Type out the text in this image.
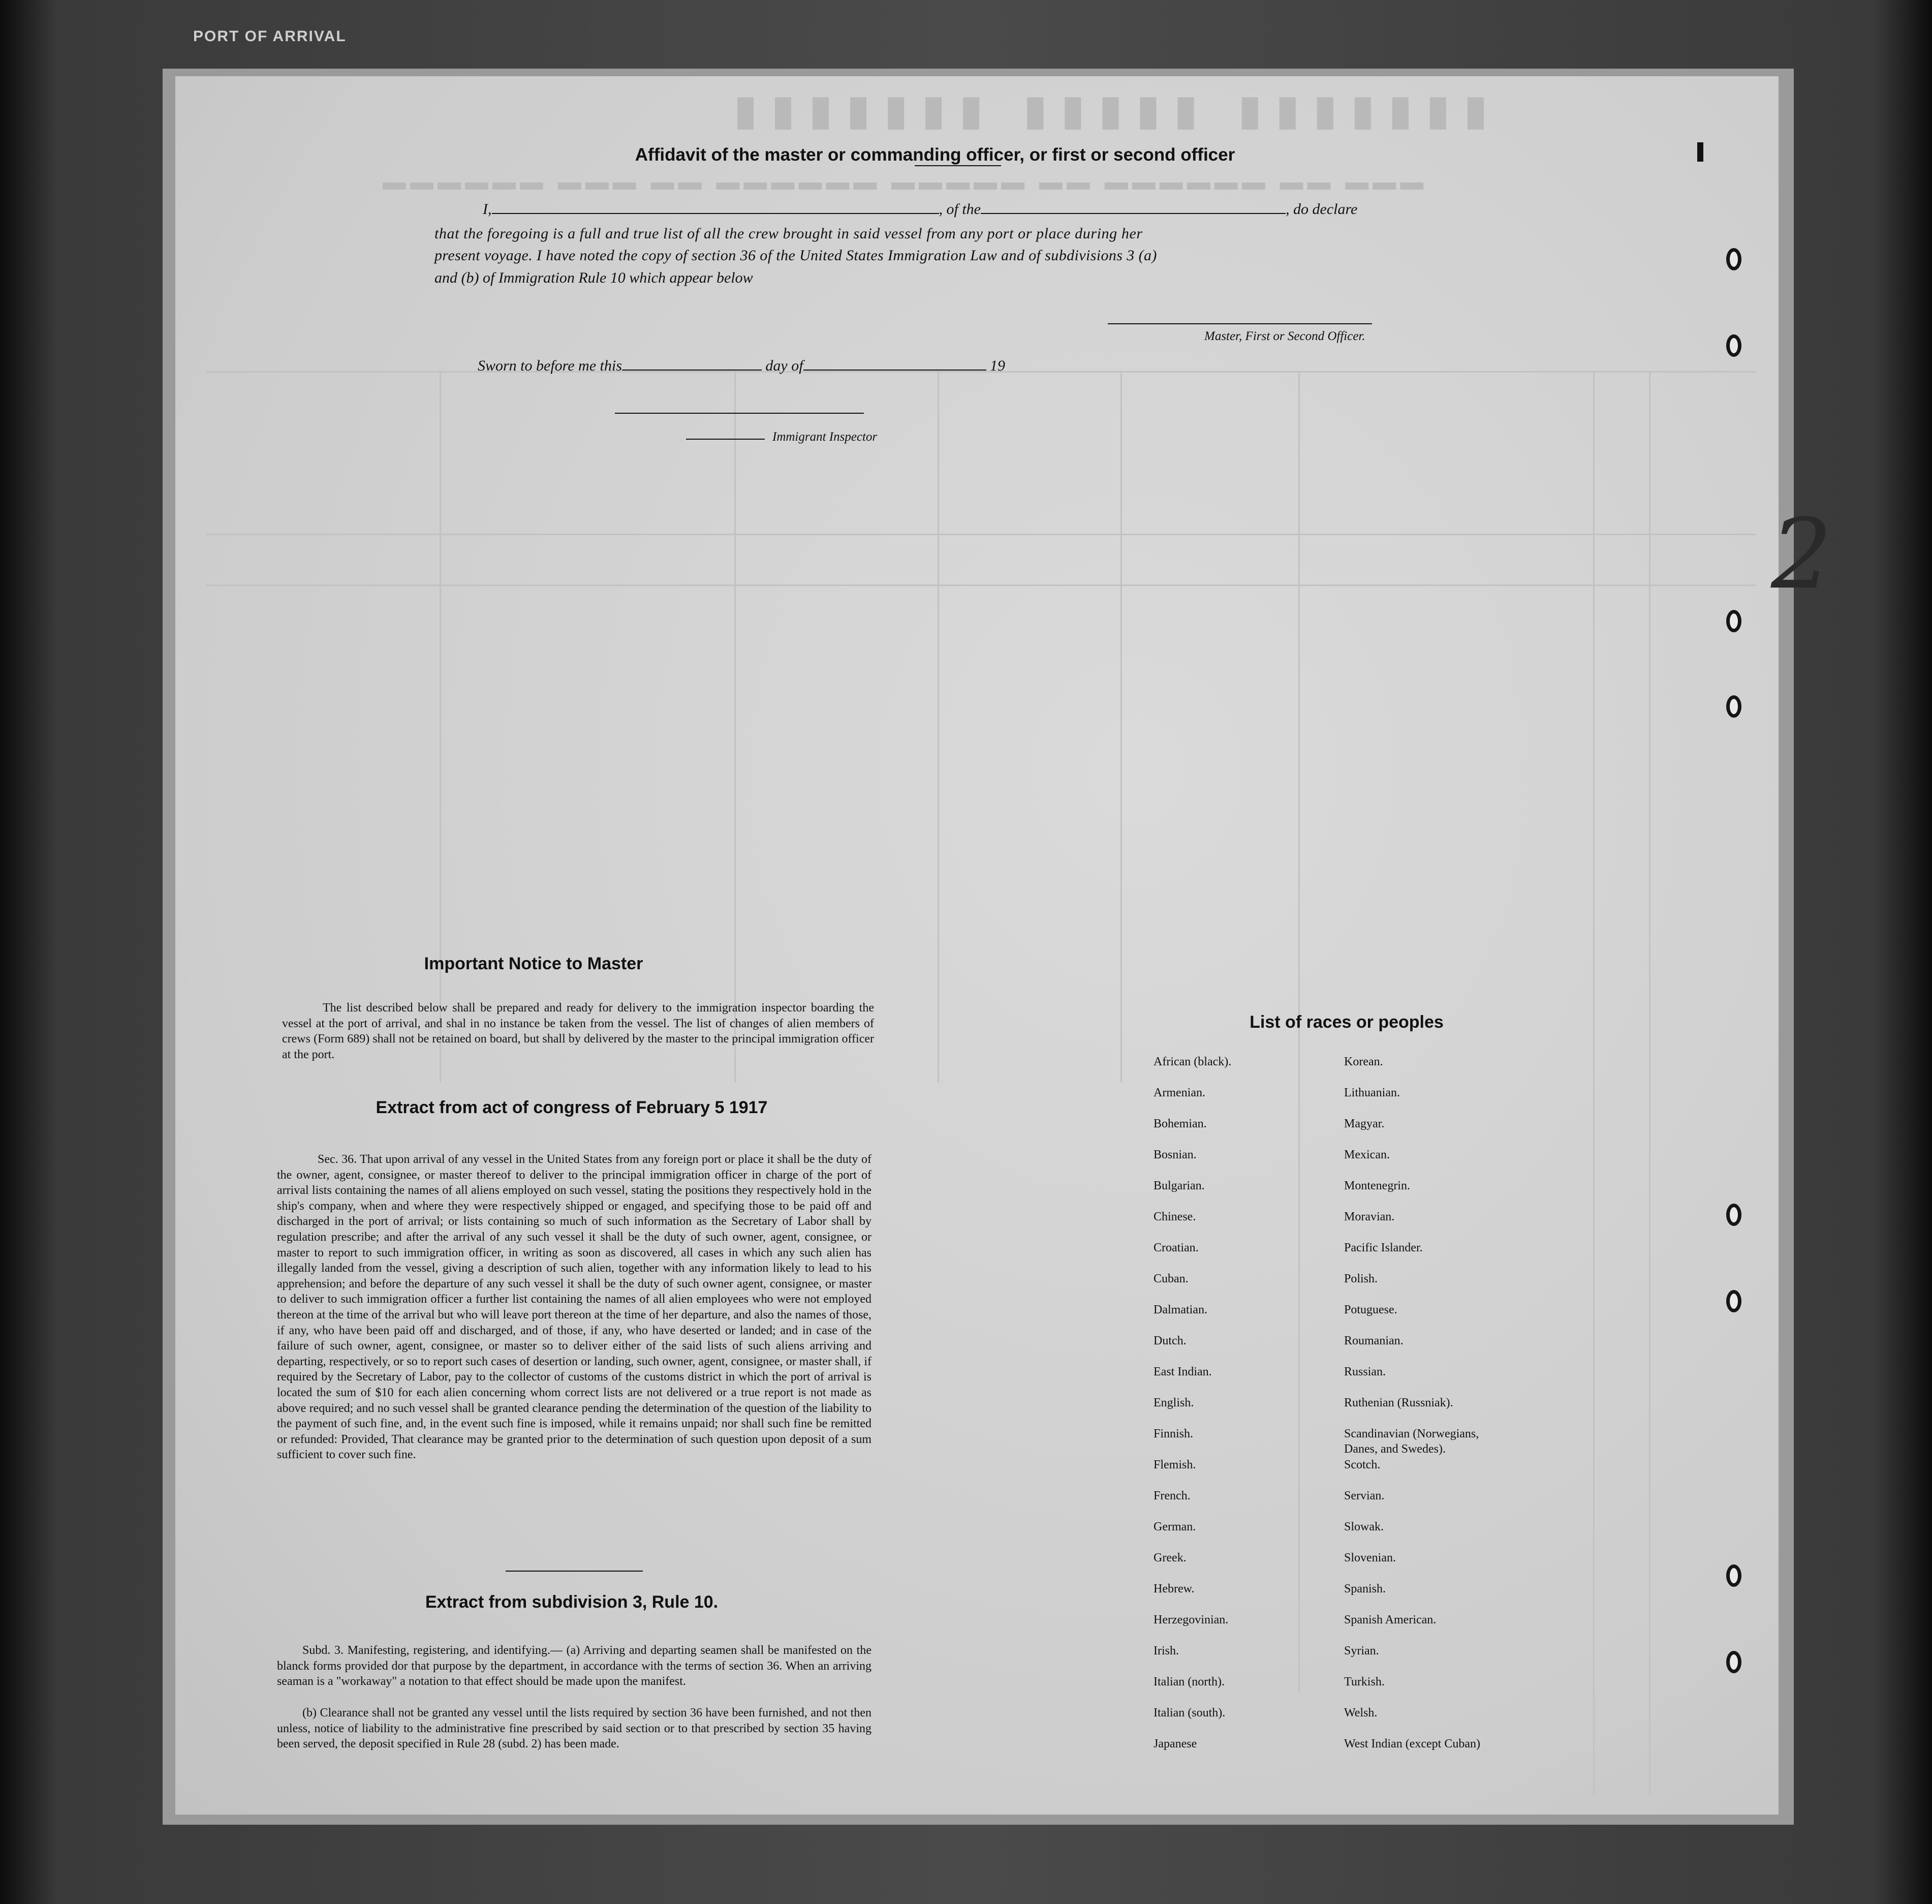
PORT OF ARRIVAL
▮▮▮▮▮▮▮ ▮▮▮▮▮ ▮▮▮▮▮▮▮
▬▬▬ ▬▬ ▬▬▬▬▬▬ ▬▬ ▬▬▬▬▬ ▬▬▬▬▬▬ ▬▬ ▬▬▬ ▬▬▬▬▬▬
2
Affidavit of the master or commanding officer, or first or second officer
I,	, of the	, do declare
that the foregoing is a full and true list of all the crew brought in said vessel from any port or place during her
present voyage. I have noted the copy of section 36 of the United States Immigration Law and of subdivisions 3 (a)
and (b) of Immigration Rule 10 which appear below
Master, First or Second Officer.
Sworn to before me this	day of	19
Immigrant Inspector
Important Notice to Master
The list described below shall be prepared and ready for delivery to the immigration inspector boarding the vessel at the port of arrival, and shal in no instance be taken from the vessel. The list of changes of alien members of crews (Form 689) shall not be retained on board, but shall by delivered by the master to the principal immigration officer at the port.
Extract from act of congress of February 5 1917
Sec. 36. That upon arrival of any vessel in the United States from any foreign port or place it shall be the duty of the owner, agent, consignee, or master thereof to deliver to the principal immigration officer in charge of the port of arrival lists containing the names of all aliens employed on such vessel, stating the positions they respectively hold in the ship's company, when and where they were respectively shipped or engaged, and specifying those to be paid off and discharged in the port of arrival; or lists containing so much of such information as the Secretary of Labor shall by regulation prescribe; and after the arrival of any such vessel it shall be the duty of such owner, agent, consignee, or master to report to such immigration officer, in writing as soon as discovered, all cases in which any such alien has illegally landed from the vessel, giving a description of such alien, together with any information likely to lead to his apprehension; and before the departure of any such vessel it shall be the duty of such owner agent, consignee, or master to deliver to such immigration officer a further list containing the names of all alien employees who were not employed thereon at the time of the arrival but who will leave port thereon at the time of her departure, and also the names of those, if any, who have been paid off and discharged, and of those, if any, who have deserted or landed; and in case of the failure of such owner, agent, consignee, or master so to deliver either of the said lists of such aliens arriving and departing, respectively, or so to report such cases of desertion or landing, such owner, agent, consignee, or master shall, if required by the Secretary of Labor, pay to the collector of customs of the customs district in which the port of arrival is located the sum of $10 for each alien concerning whom correct lists are not delivered or a true report is not made as above required; and no such vessel shall be granted clearance pending the determination of the question of the liability to the payment of such fine, and, in the event such fine is imposed, while it remains unpaid; nor shall such fine be remitted or refunded: Provided, That clearance may be granted prior to the determination of such question upon deposit of a sum sufficient to cover such fine.
Extract from subdivision 3, Rule 10.
Subd. 3. Manifesting, registering, and identifying.— (a) Arriving and departing seamen shall be manifested on the blanck forms provided dor that purpose by the department, in accordance with the terms of section 36. When an arriving seaman is a "workaway" a notation to that effect should be made upon the manifest.
(b) Clearance shall not be granted any vessel until the lists required by section 36 have been furnished, and not then unless, notice of liability to the administrative fine prescribed by said section or to that prescribed by section 35 having been served, the deposit specified in Rule 28 (subd. 2) has been made.
List of races or peoples
African (black).
Armenian.
Bohemian.
Bosnian.
Bulgarian.
Chinese.
Croatian.
Cuban.
Dalmatian.
Dutch.
East Indian.
English.
Finnish.
Flemish.
French.
German.
Greek.
Hebrew.
Herzegovinian.
Irish.
Italian (north).
Italian (south).
Japanese
Korean.
Lithuanian.
Magyar.
Mexican.
Montenegrin.
Moravian.
Pacific Islander.
Polish.
Potuguese.
Roumanian.
Russian.
Ruthenian (Russniak).
Scandinavian (Norwegians,
Danes, and Swedes).
Scotch.
Servian.
Slowak.
Slovenian.
Spanish.
Spanish American.
Syrian.
Turkish.
Welsh.
West Indian (except Cuban)
